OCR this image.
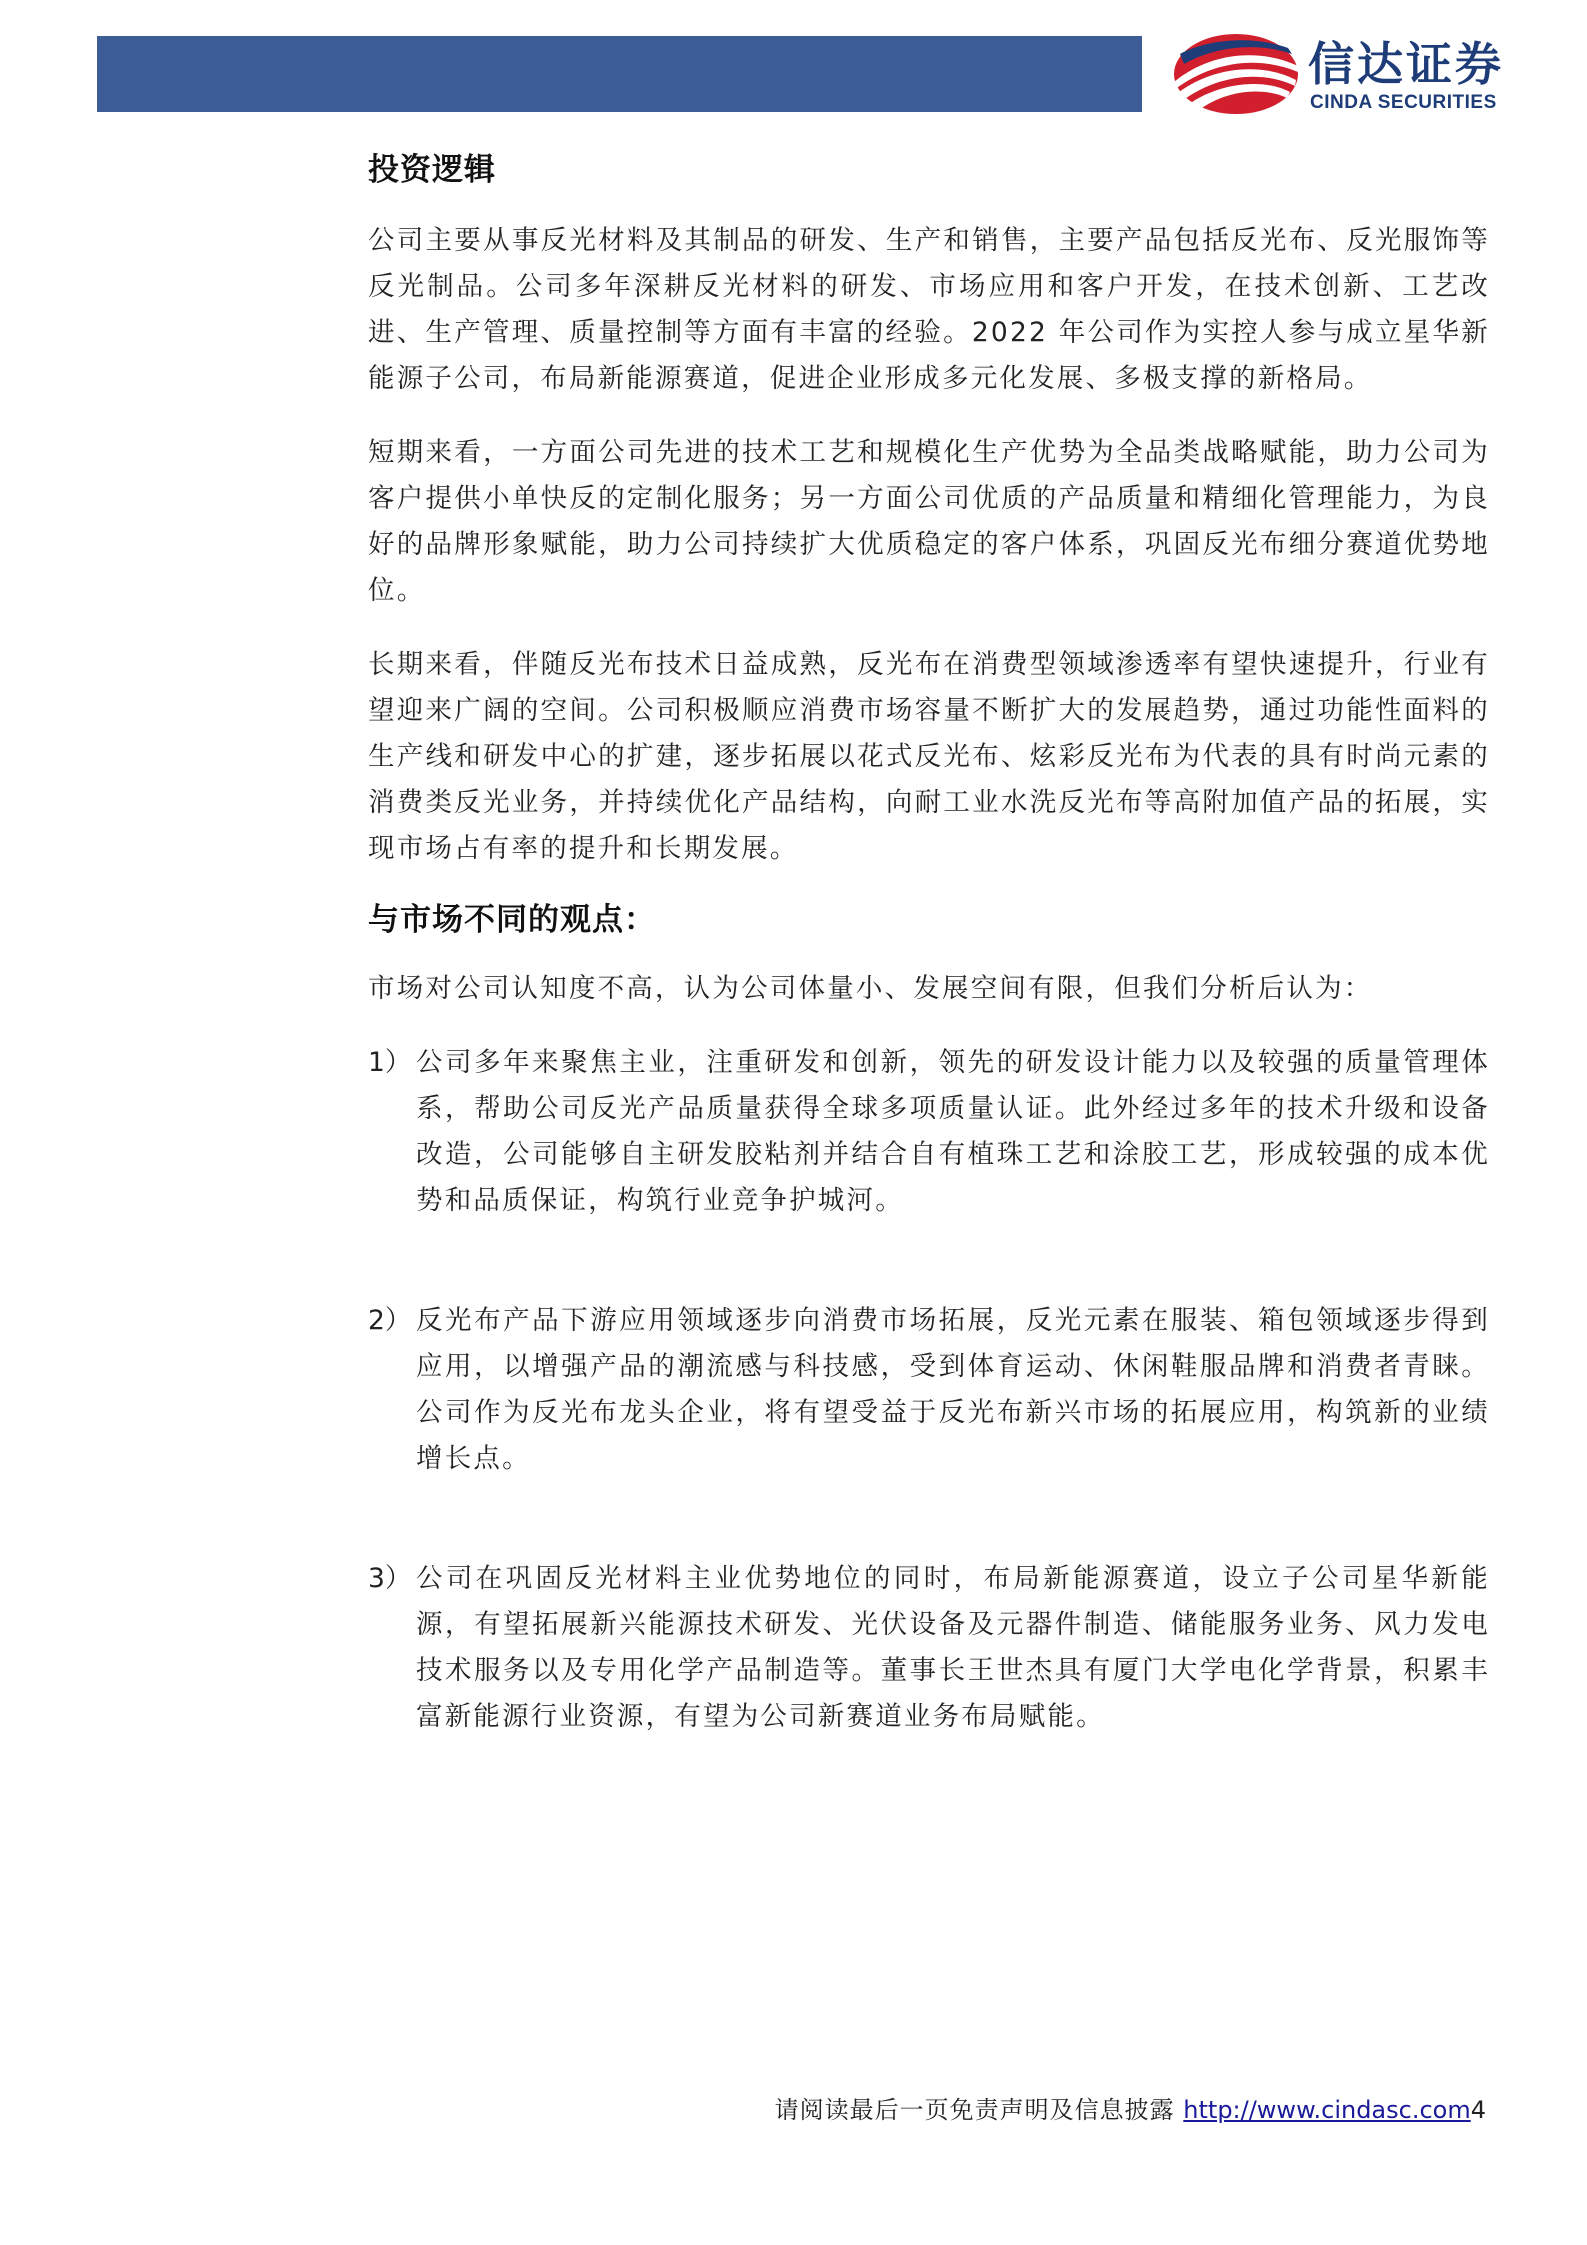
信达证券
CINDA SECURITIES
投资逻辑

公司主要从事反光材料及其制品的研发、生产和销售，主要产品包括反光布、反光服饰等反光制品。公司多年深耕反光材料的研发、市场应用和客户开发，在技术创新、工艺改进、生产管理、质量控制等方面有丰富的经验。2022 年公司作为实控人参与成立星华新能源子公司，布局新能源赛道，促进企业形成多元化发展、多极支撑的新格局。

短期来看，一方面公司先进的技术工艺和规模化生产优势为全品类战略赋能，助力公司为客户提供小单快反的定制化服务；另一方面公司优质的产品质量和精细化管理能力，为良好的品牌形象赋能，助力公司持续扩大优质稳定的客户体系，巩固反光布细分赛道优势地位。

长期来看，伴随反光布技术日益成熟，反光布在消费型领域渗透率有望快速提升，行业有望迎来广阔的空间。公司积极顺应消费市场容量不断扩大的发展趋势，通过功能性面料的生产线和研发中心的扩建，逐步拓展以花式反光布、炫彩反光布为代表的具有时尚元素的消费类反光业务，并持续优化产品结构，向耐工业水洗反光布等高附加值产品的拓展，实现市场占有率的提升和长期发展。

与市场不同的观点：

市场对公司认知度不高，认为公司体量小、发展空间有限，但我们分析后认为：

1） 公司多年来聚焦主业，注重研发和创新，领先的研发设计能力以及较强的质量管理体系，帮助公司反光产品质量获得全球多项质量认证。此外经过多年的技术升级和设备改造，公司能够自主研发胶粘剂并结合自有植珠工艺和涂胶工艺，形成较强的成本优势和品质保证，构筑行业竞争护城河。
2） 反光布产品下游应用领域逐步向消费市场拓展，反光元素在服装、箱包领域逐步得到应用，以增强产品的潮流感与科技感，受到体育运动、休闲鞋服品牌和消费者青睐。公司作为反光布龙头企业，将有望受益于反光布新兴市场的拓展应用，构筑新的业绩增长点。
3） 公司在巩固反光材料主业优势地位的同时，布局新能源赛道，设立子公司星华新能源，有望拓展新兴能源技术研发、光伏设备及元器件制造、储能服务业务、风力发电技术服务以及专用化学产品制造等。董事长王世杰具有厦门大学电化学背景，积累丰富新能源行业资源，有望为公司新赛道业务布局赋能。
请阅读最后一页免责声明及信息披露 http://www.cindasc.com4
